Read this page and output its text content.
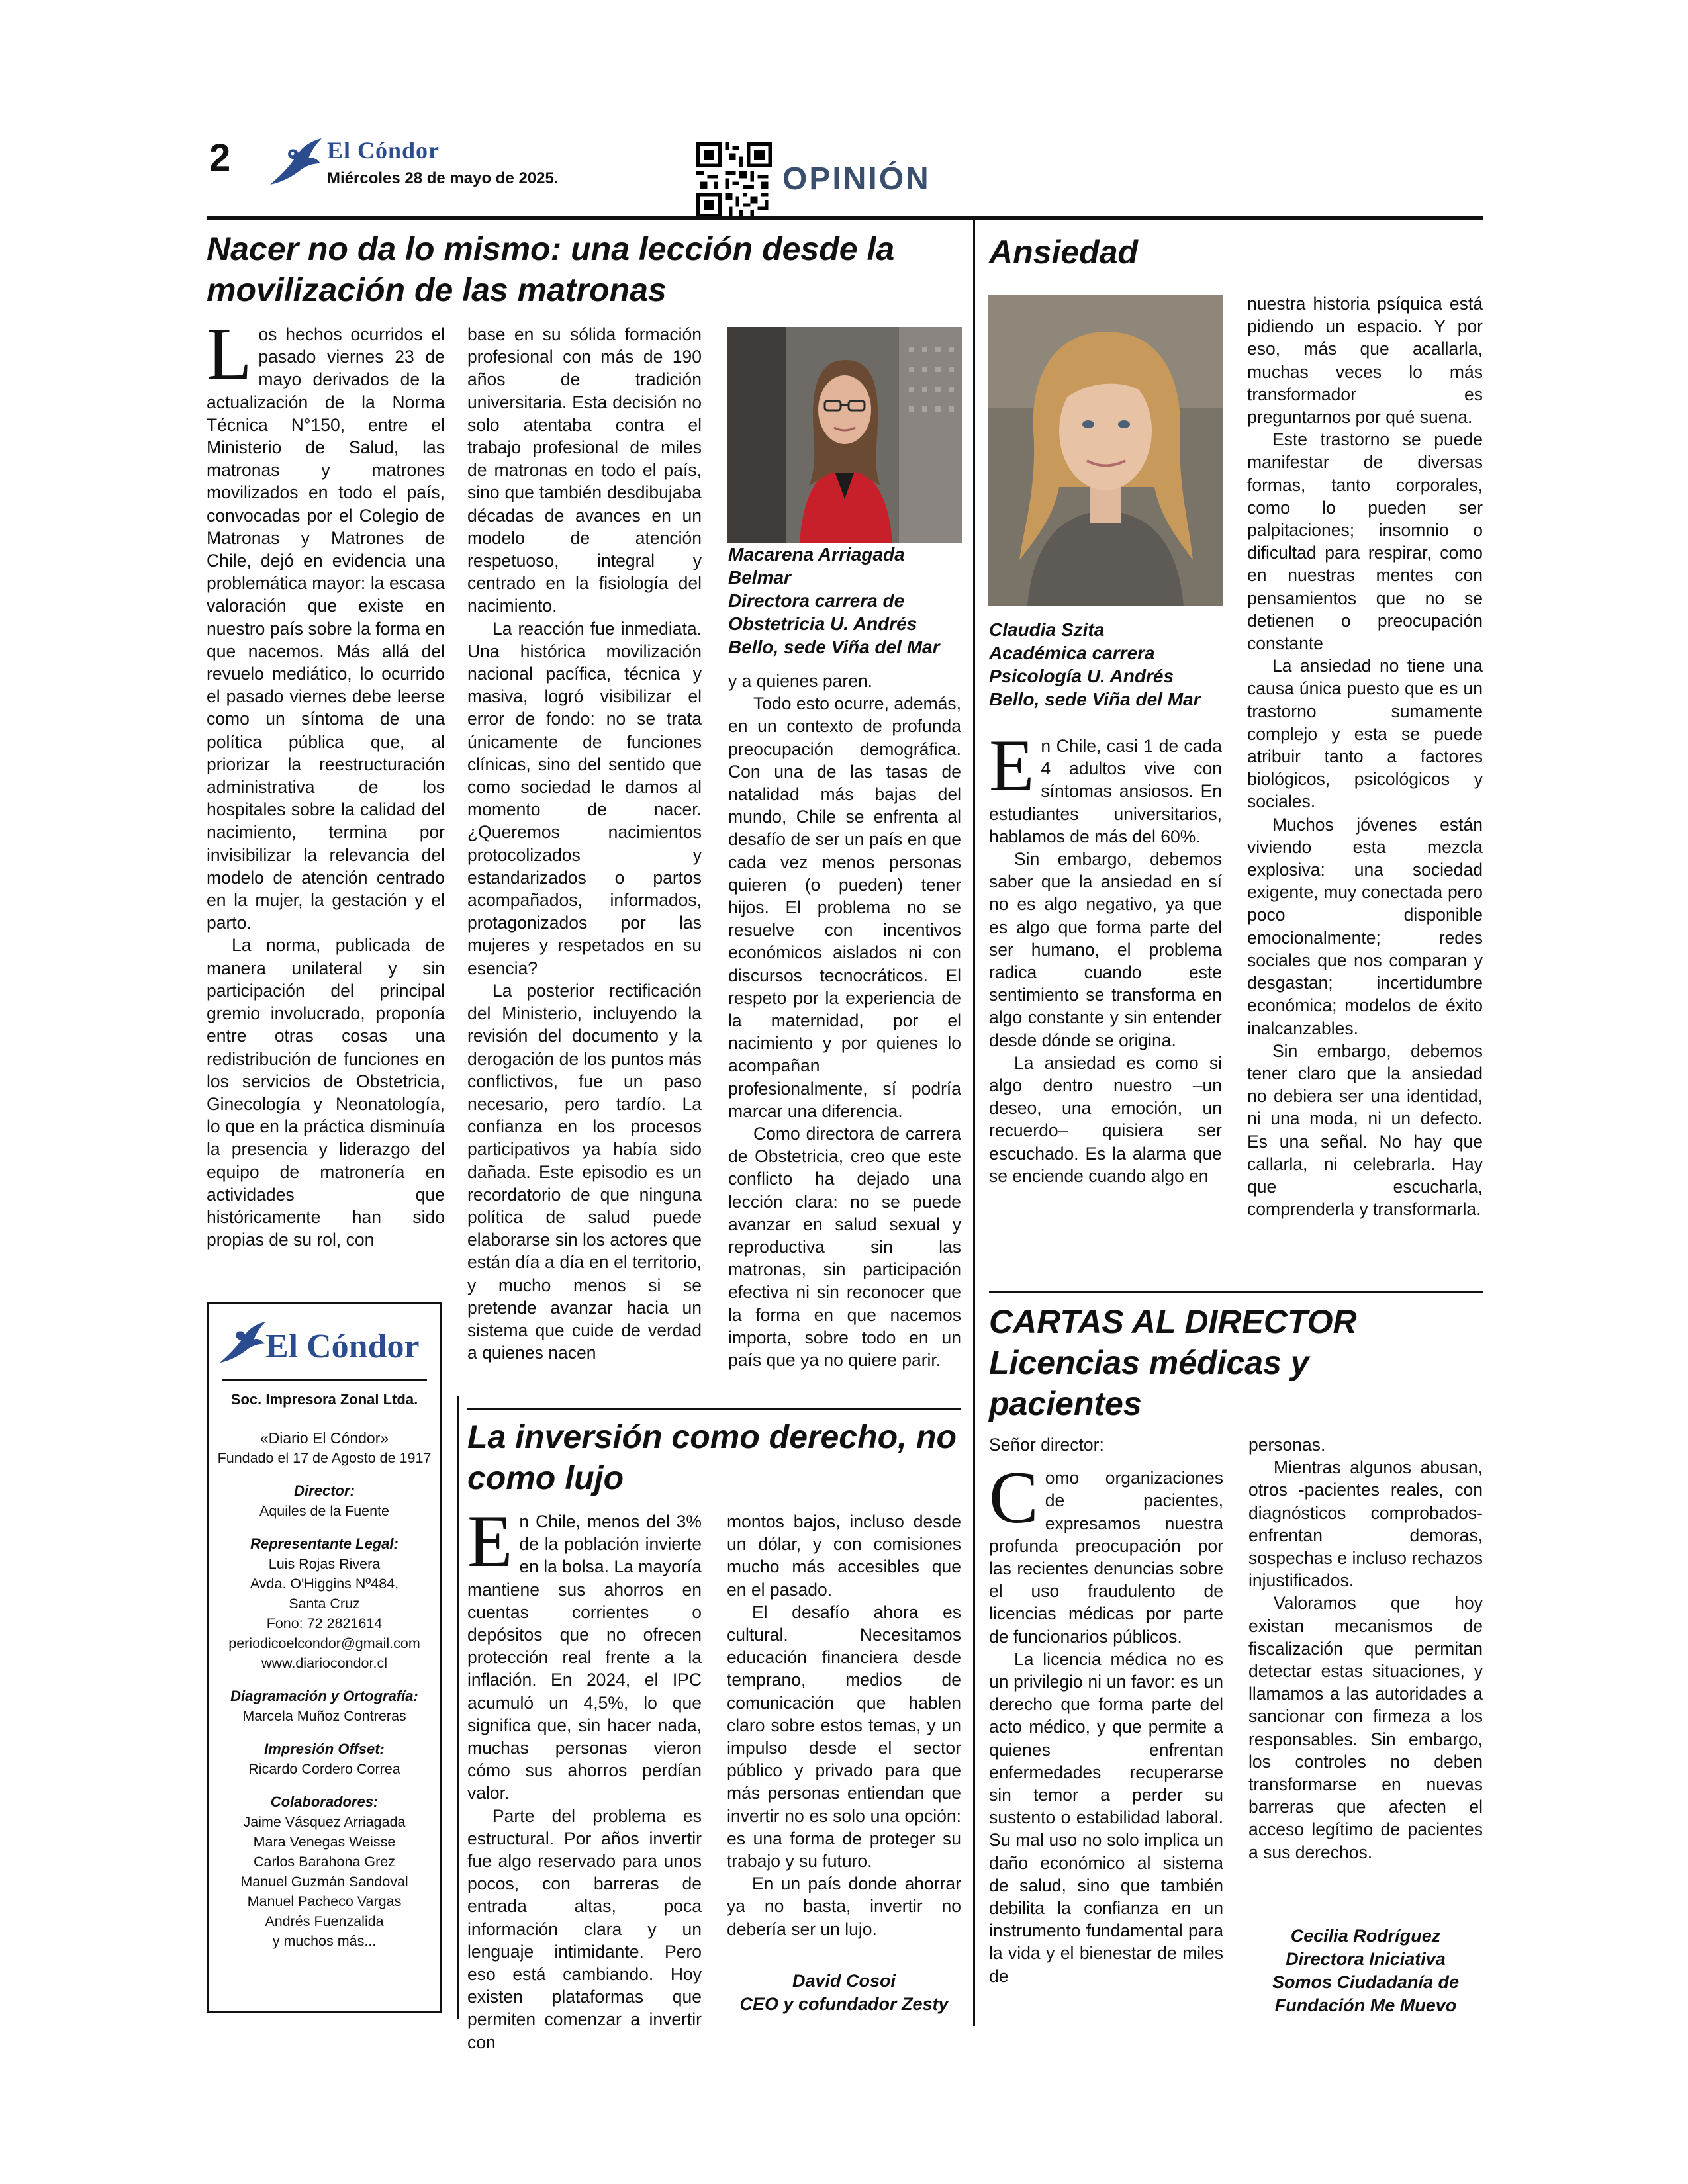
2	El Cóndor
Miércoles 28 de mayo de 2025.	OPINIÓN
Nacer no da lo mismo: una lección desde la movilización de las matronas

Los hechos ocurridos el pasado viernes 23 de mayo derivados de la actualización de la Norma Técnica N°150, entre el Ministerio de Salud, las matronas y matrones movilizados en todo el país, convocadas por el Colegio de Matronas y Matrones de Chile, dejó en evidencia una problemática mayor: la escasa valoración que existe en nuestro país sobre la forma en que nacemos. Más allá del revuelo mediático, lo ocurrido el pasado viernes debe leerse como un síntoma de una política pública que, al priorizar la reestructuración administrativa de los hospitales sobre la calidad del nacimiento, termina por invisibilizar la relevancia del modelo de atención centrado en la mujer, la gestación y el parto.

La norma, publicada de manera unilateral y sin participación del principal gremio involucrado, proponía entre otras cosas una redistribución de funciones en los servicios de Obstetricia, Ginecología y Neonatología, lo que en la práctica disminuía la presencia y liderazgo del equipo de matronería en actividades que históricamente han sido propias de su rol, con

base en su sólida formación profesional con más de 190 años de tradición universitaria. Esta decisión no solo atentaba contra el trabajo profesional de miles de matronas en todo el país, sino que también desdibujaba décadas de avances en un modelo de atención respetuoso, integral y centrado en la fisiología del nacimiento.

La reacción fue inmediata. Una histórica movilización nacional pacífica, técnica y masiva, logró visibilizar el error de fondo: no se trata únicamente de funciones clínicas, sino del sentido que como sociedad le damos al momento de nacer. ¿Queremos nacimientos protocolizados y estandarizados o partos acompañados, informados, protagonizados por las mujeres y respetados en su esencia?

La posterior rectificación del Ministerio, incluyendo la revisión del documento y la derogación de los puntos más conflictivos, fue un paso necesario, pero tardío. La confianza en los procesos participativos ya había sido dañada. Este episodio es un recordatorio de que ninguna política de salud puede elaborarse sin los actores que están día a día en el territorio, y mucho menos si se pretende avanzar hacia un sistema que cuide de verdad a quienes nacen

Macarena Arriagada
Belmar
Directora carrera de
Obstetricia U. Andrés
Bello, sede Viña del Mar

y a quienes paren.

Todo esto ocurre, además, en un contexto de profunda preocupación demográfica. Con una de las tasas de natalidad más bajas del mundo, Chile se enfrenta al desafío de ser un país en que cada vez menos personas quieren (o pueden) tener hijos. El problema no se resuelve con incentivos económicos aislados ni con discursos tecnocráticos. El respeto por la experiencia de la maternidad, por el nacimiento y por quienes lo acompañan profesionalmente, sí podría marcar una diferencia.

Como directora de carrera de Obstetricia, creo que este conflicto ha dejado una lección clara: no se puede avanzar en salud sexual y reproductiva sin las matronas, sin participación efectiva ni sin reconocer que la forma en que nacemos importa, sobre todo en un país que ya no quiere parir.

Ansiedad
Claudia Szita
Académica carrera
Psicología U. Andrés
Bello, sede Viña del Mar

En Chile, casi 1 de cada 4 adultos vive con síntomas ansiosos. En estudiantes universitarios, hablamos de más del 60%.

Sin embargo, debemos saber que la ansiedad en sí no es algo negativo, ya que es algo que forma parte del ser humano, el problema radica cuando este sentimiento se transforma en algo constante y sin entender desde dónde se origina.

La ansiedad es como si algo dentro nuestro –un deseo, una emoción, un recuerdo– quisiera ser escuchado. Es la alarma que se enciende cuando algo en

nuestra historia psíquica está pidiendo un espacio. Y por eso, más que acallarla, muchas veces lo más transformador es preguntarnos por qué suena.

Este trastorno se puede manifestar de diversas formas, tanto corporales, como lo pueden ser palpitaciones; insomnio o dificultad para respirar, como en nuestras mentes con pensamientos que no se detienen o preocupación constante

La ansiedad no tiene una causa única puesto que es un trastorno sumamente complejo y esta se puede atribuir tanto a factores biológicos, psicológicos y sociales.

Muchos jóvenes están viviendo esta mezcla explosiva: una sociedad exigente, muy conectada pero poco disponible emocionalmente; redes sociales que nos comparan y desgastan; incertidumbre económica; modelos de éxito inalcanzables.

Sin embargo, debemos tener claro que la ansiedad no debiera ser una identidad, ni una moda, ni un defecto. Es una señal. No hay que callarla, ni celebrarla. Hay que escucharla, comprenderla y transformarla.

El Cóndor
Soc. Impresora Zonal Ltda.
«Diario El Cóndor»
Fundado el 17 de Agosto de 1917
Director:
Aquiles de la Fuente
Representante Legal:
Luis Rojas Rivera
Avda. O'Higgins Nº484,
Santa Cruz
Fono: 72 2821614
periodicoelcondor@gmail.com
www.diariocondor.cl
Diagramación y Ortografía:
Marcela Muñoz Contreras
Impresión Offset:
Ricardo Cordero Correa
Colaboradores:
Jaime Vásquez Arriagada
Mara Venegas Weisse
Carlos Barahona Grez
Manuel Guzmán Sandoval
Manuel Pacheco Vargas
Andrés Fuenzalida
y muchos más...
La inversión como derecho, no como lujo

En Chile, menos del 3% de la población invierte en la bolsa. La mayoría mantiene sus ahorros en cuentas corrientes o depósitos que no ofrecen protección real frente a la inflación. En 2024, el IPC acumuló un 4,5%, lo que significa que, sin hacer nada, muchas personas vieron cómo sus ahorros perdían valor.

Parte del problema es estructural. Por años invertir fue algo reservado para unos pocos, con barreras de entrada altas, poca información clara y un lenguaje intimidante. Pero eso está cambiando. Hoy existen plataformas que permiten comenzar a invertir con

montos bajos, incluso desde un dólar, y con comisiones mucho más accesibles que en el pasado.

El desafío ahora es cultural. Necesitamos educación financiera desde temprano, medios de comunicación que hablen claro sobre estos temas, y un impulso desde el sector público y privado para que más personas entiendan que invertir no es solo una opción: es una forma de proteger su trabajo y su futuro.

En un país donde ahorrar ya no basta, invertir no debería ser un lujo.

David Cosoi
CEO y cofundador Zesty
CARTAS AL DIRECTOR
Licencias médicas y
pacientes

Señor director:

Como organizaciones de pacientes, expresamos nuestra profunda preocupación por las recientes denuncias sobre el uso fraudulento de licencias médicas por parte de funcionarios públicos.

La licencia médica no es un privilegio ni un favor: es un derecho que forma parte del acto médico, y que permite a quienes enfrentan enfermedades recuperarse sin temor a perder su sustento o estabilidad laboral. Su mal uso no solo implica un daño económico al sistema de salud, sino que también debilita la confianza en un instrumento fundamental para la vida y el bienestar de miles de

personas.

Mientras algunos abusan, otros -pacientes reales, con diagnósticos comprobados- enfrentan demoras, sospechas e incluso rechazos injustificados.

Valoramos que hoy existan mecanismos de fiscalización que permitan detectar estas situaciones, y llamamos a las autoridades a sancionar con firmeza a los responsables. Sin embargo, los controles no deben transformarse en nuevas barreras que afecten el acceso legítimo de pacientes a sus derechos.

Cecilia Rodríguez
Directora Iniciativa
Somos Ciudadanía de
Fundación Me Muevo
